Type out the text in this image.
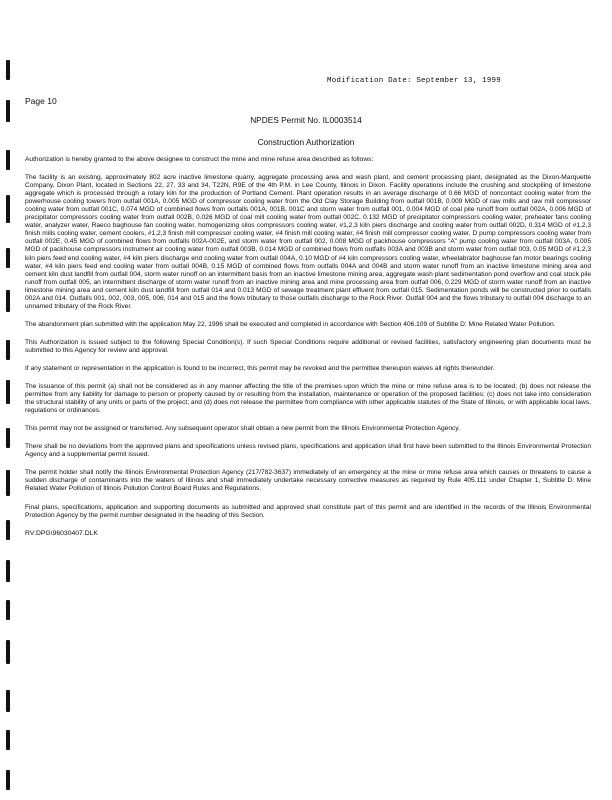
Modification Date: September 13, 1999
Page 10
NPDES Permit No. IL0003514
Construction Authorization

Authorization is hereby granted to the above designee to construct the mine and mine refuse area described as follows:

The facility is an existing, approximately 802 acre inactive limestone quarry, aggregate processing area and wash plant, and cement processing plant, designated as the Dixon-Marquette Company, Dixon Plant, located in Sections 22, 27, 33 and 34, T22N, R9E of the 4th P.M. in Lee County, Illinois in Dixon. Facility operations include the crushing and stockpiling of limestone aggregate which is processed through a rotary kiln for the production of Portland Cement. Plant operation results in an average discharge of 0.66 MGD of noncontact cooling water from the powerhouse cooling towers from outfall 001A, 0.005 MGD of compressor cooling water from the Old Clay Storage Building from outfall 001B, 0.009 MGD of raw mills and raw mill compressor cooling water from outfall 001C, 0.074 MGD of combined flows from outfalls 001A, 001B, 001C and storm water from outfall 001, 0.004 MGD of coal pile runoff from outfall 002A, 0.006 MGD of precipitator compressors cooling water from outfall 002B, 0.026 MGD of coal mill cooling water from outfall 002C, 0.132 MGD of precipitator compressors cooling water, preheater fans cooling water, analyzer water, Raeco baghouse fan cooling water, homogenizing silos compressors cooling water, #1,2,3 kiln piers discharge and cooling water from outfall 002D, 0.314 MGD of #1,2,3 finish mills cooling water, cement coolers, #1,2,3 finish mill compressor cooling water, #4 finish mill cooling water, #4 finish mill compressor cooling water, D pump compressors cooling water from outfall 002E, 0.45 MGD of combined flows from outfalls 002A-002E, and storm water from outfall 002, 0.008 MGD of packhouse compressors "A" pump cooling water from outfall 003A, 0.005 MGD of packhouse compressors instrument air cooling water from outfall 003B, 0.014 MGD of combined flows from outfalls 003A and 003B and storm water from outfall 003, 0.05 MGD of #1,2,3 kiln piers feed end cooling water, #4 kiln piers discharge end cooling water from outfall 004A, 0.10 MGD of #4 kiln compressors cooling water, wheelabrator baghouse fan motor bearings cooling water, #4 kiln piers feed end cooling water from outfall 004B, 0.15 MGD of combined flows from outfalls 004A and 004B and storm water runoff from an inactive limestone mining area and cement kiln dust landfill from outfall 004, storm water runoff on an intermittent basis from an inactive limestone mining area, aggregate wash plant sedimentation pond overflow and coal stock pile runoff from outfall 005, an intermittent discharge of storm water runoff from an inactive mining area and mine processing area from outfall 006, 0.229 MGD of storm water runoff from an inactive limestone mining area and cement kiln dust landfill from outfall 014 and 0.013 MGD of sewage treatment plant effluent from outfall 015. Sedimentation ponds will be constructed prior to outfalls 002A and 014. Outfalls 001, 002, 003, 005, 006, 014 and 015 and the flows tributary to those outfalls discharge to the Rock River. Outfall 004 and the flows tributary to outfall 004 discharge to an unnamed tributary of the Rock River.

The abandonment plan submitted with the application May 22, 1996 shall be executed and completed in accordance with Section 406.109 of Subtitle D: Mine Related Water Pollution.

This Authorization is issued subject to the following Special Condition(s). If such Special Conditions require additional or revised facilities, satisfactory engineering plan documents must be submitted to this Agency for review and approval.

If any statement or representation in the application is found to be incorrect, this permit may be revoked and the permittee thereupon waives all rights thereunder.

The issuance of this permit (a) shall not be considered as in any manner affecting the title of the premises upon which the mine or mine refuse area is to be located; (b) does not release the permittee from any liability for damage to person or property caused by or resulting from the installation, maintenance or operation of the proposed facilities; (c) does not take into consideration the structural stability of any units or parts of the project; and (d) does not release the permittee from compliance with other applicable statutes of the State of Illinois, or with applicable local laws, regulations or ordinances.

This permit may not be assigned or transferred. Any subsequent operator shall obtain a new permit from the Illinois Environmental Protection Agency.

There shall be no deviations from the approved plans and specifications unless revised plans, specifications and application shall first have been submitted to the Illinois Environmental Protection Agency and a supplemental permit issued.

The permit holder shall notify the Illinois Environmental Protection Agency (217/782-3637) immediately of an emergency at the mine or mine refuse area which causes or threatens to cause a sudden discharge of contaminants into the waters of Illinois and shall immediately undertake necessary corrective measures as required by Rule 405.111 under Chapter 1, Subtitle D: Mine Related Water Pollution of Illinois Pollution Control Board Rules and Regulations.

Final plans, specifications, application and supporting documents as submitted and approved shall constitute part of this permit and are identified in the records of the Illinois Environmental Protection Agency by the permit number designated in the heading of this Section.

RV:DPG\96030407.DLK
